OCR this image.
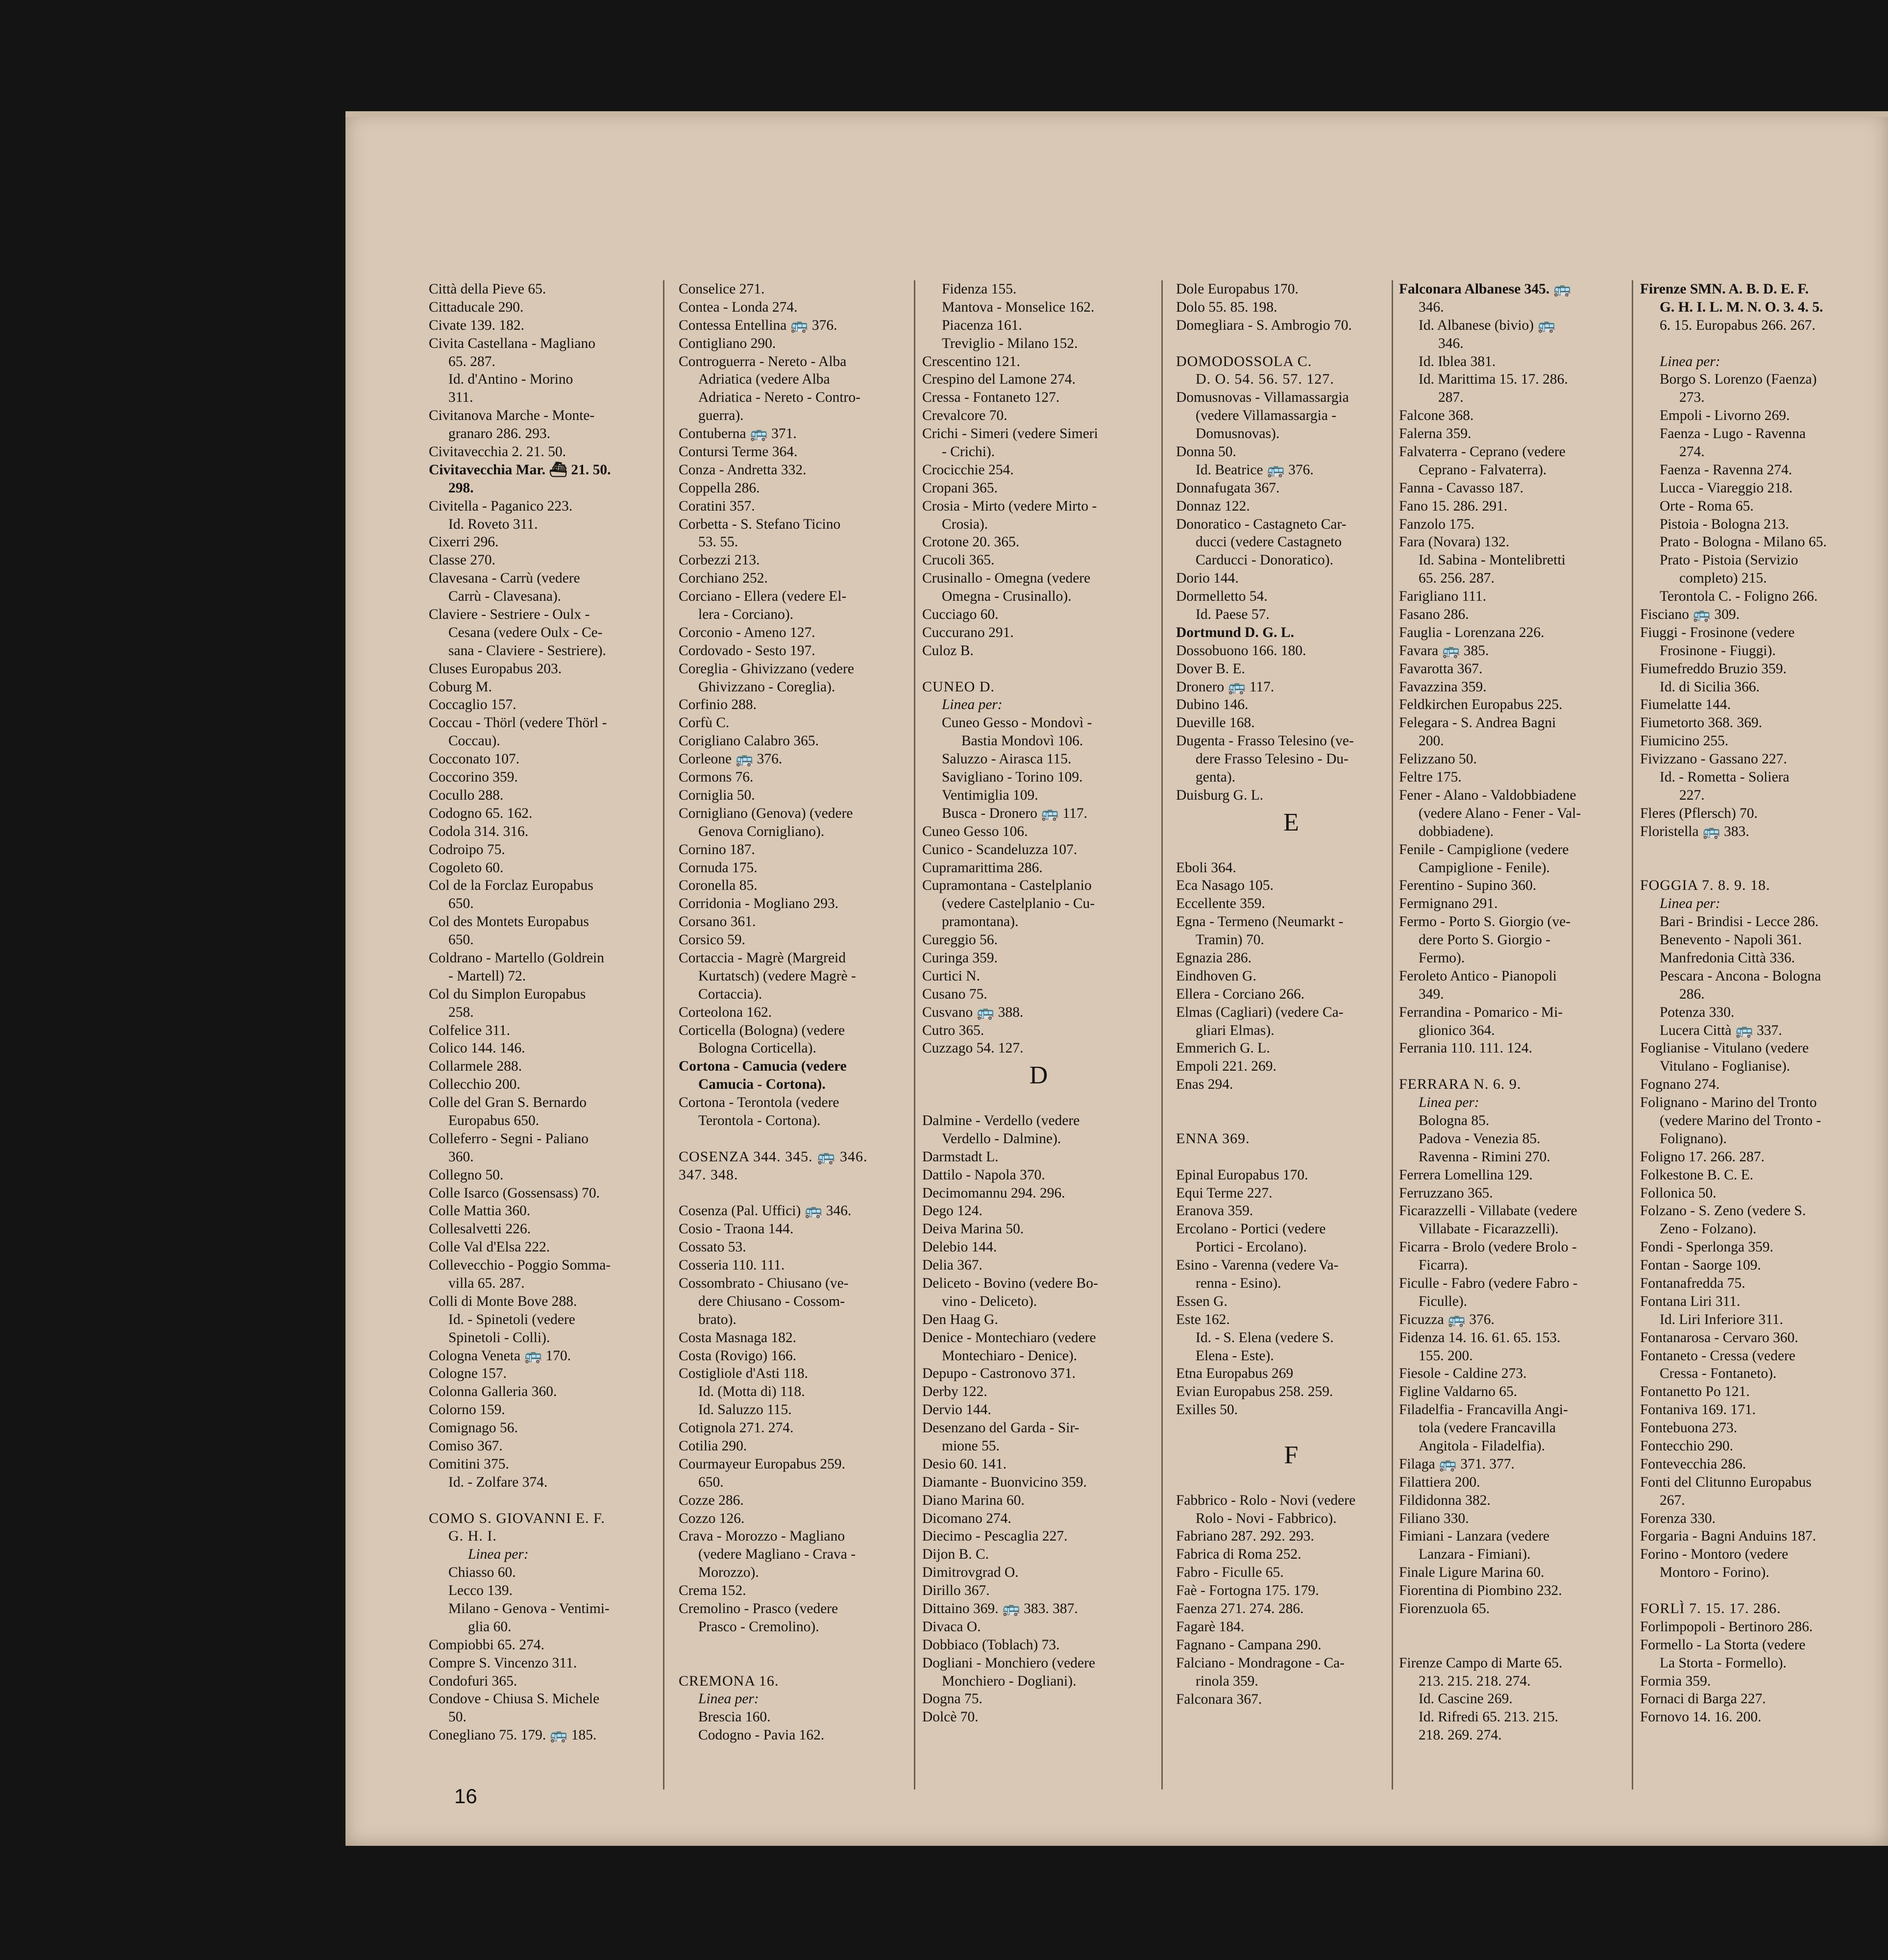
Città della Pieve 65.
Cittaducale 290.
Civate 139. 182.
Civita Castellana - Magliano
65. 287.
Id. d'Antino - Morino
311.
Civitanova Marche - Monte-
granaro 286. 293.
Civitavecchia 2. 21. 50.
Civitavecchia Mar. ⛴ 21. 50.
298.
Civitella - Paganico 223.
Id. Roveto 311.
Cixerri 296.
Classe 270.
Clavesana - Carrù (vedere
Carrù - Clavesana).
Claviere - Sestriere - Oulx -
Cesana (vedere Oulx - Ce-
sana - Claviere - Sestriere).
Cluses Europabus 203.
Coburg M.
Coccaglio 157.
Coccau - Thörl (vedere Thörl -
Coccau).
Cocconato 107.
Coccorino 359.
Cocullo 288.
Codogno 65. 162.
Codola 314. 316.
Codroipo 75.
Cogoleto 60.
Col de la Forclaz Europabus
650.
Col des Montets Europabus
650.
Coldrano - Martello (Goldrein
- Martell) 72.
Col du Simplon Europabus
258.
Colfelice 311.
Colico 144. 146.
Collarmele 288.
Collecchio 200.
Colle del Gran S. Bernardo
Europabus 650.
Colleferro - Segni - Paliano
360.
Collegno 50.
Colle Isarco (Gossensass) 70.
Colle Mattia 360.
Collesalvetti 226.
Colle Val d'Elsa 222.
Collevecchio - Poggio Somma-
villa 65. 287.
Colli di Monte Bove 288.
Id. - Spinetoli (vedere
Spinetoli - Colli).
Cologna Veneta 🚌 170.
Cologne 157.
Colonna Galleria 360.
Colorno 159.
Comignago 56.
Comiso 367.
Comitini 375.
Id. - Zolfare 374.
COMO S. GIOVANNI E. F.
G. H. I.
Linea per:
Chiasso 60.
Lecco 139.
Milano - Genova - Ventimi-
glia 60.
Compiobbi 65. 274.
Compre S. Vincenzo 311.
Condofuri 365.
Condove - Chiusa S. Michele
50.
Conegliano 75. 179. 🚌 185.
Conselice 271.
Contea - Londa 274.
Contessa Entellina 🚌 376.
Contigliano 290.
Controguerra - Nereto - Alba
Adriatica (vedere Alba
Adriatica - Nereto - Contro-
guerra).
Contuberna 🚌 371.
Contursi Terme 364.
Conza - Andretta 332.
Coppella 286.
Coratini 357.
Corbetta - S. Stefano Ticino
53. 55.
Corbezzi 213.
Corchiano 252.
Corciano - Ellera (vedere El-
lera - Corciano).
Corconio - Ameno 127.
Cordovado - Sesto 197.
Coreglia - Ghivizzano (vedere
Ghivizzano - Coreglia).
Corfinio 288.
Corfù C.
Corigliano Calabro 365.
Corleone 🚌 376.
Cormons 76.
Corniglia 50.
Cornigliano (Genova) (vedere
Genova Cornigliano).
Cornino 187.
Cornuda 175.
Coronella 85.
Corridonia - Mogliano 293.
Corsano 361.
Corsico 59.
Cortaccia - Magrè (Margreid
Kurtatsch) (vedere Magrè -
Cortaccia).
Corteolona 162.
Corticella (Bologna) (vedere
Bologna Corticella).
Cortona - Camucia (vedere
Camucia - Cortona).
Cortona - Terontola (vedere
Terontola - Cortona).
COSENZA 344. 345. 🚌 346.
347. 348.
Cosenza (Pal. Uffici) 🚌 346.
Cosio - Traona 144.
Cossato 53.
Cosseria 110. 111.
Cossombrato - Chiusano (ve-
dere Chiusano - Cossom-
brato).
Costa Masnaga 182.
Costa (Rovigo) 166.
Costigliole d'Asti 118.
Id. (Motta di) 118.
Id. Saluzzo 115.
Cotignola 271. 274.
Cotilia 290.
Courmayeur Europabus 259.
650.
Cozze 286.
Cozzo 126.
Crava - Morozzo - Magliano
(vedere Magliano - Crava -
Morozzo).
Crema 152.
Cremolino - Prasco (vedere
Prasco - Cremolino).
CREMONA 16.
Linea per:
Brescia 160.
Codogno - Pavia 162.
Fidenza 155.
Mantova - Monselice 162.
Piacenza 161.
Treviglio - Milano 152.
Crescentino 121.
Crespino del Lamone 274.
Cressa - Fontaneto 127.
Crevalcore 70.
Crichi - Simeri (vedere Simeri
- Crichi).
Crocicchie 254.
Cropani 365.
Crosia - Mirto (vedere Mirto -
Crosia).
Crotone 20. 365.
Crucoli 365.
Crusinallo - Omegna (vedere
Omegna - Crusinallo).
Cucciago 60.
Cuccurano 291.
Culoz B.
CUNEO D.
Linea per:
Cuneo Gesso - Mondovì -
Bastia Mondovì 106.
Saluzzo - Airasca 115.
Savigliano - Torino 109.
Ventimiglia 109.
Busca - Dronero 🚌 117.
Cuneo Gesso 106.
Cunico - Scandeluzza 107.
Cupramarittima 286.
Cupramontana - Castelplanio
(vedere Castelplanio - Cu-
pramontana).
Cureggio 56.
Curinga 359.
Curtici N.
Cusano 75.
Cusvano 🚌 388.
Cutro 365.
Cuzzago 54. 127.
D
Dalmine - Verdello (vedere
Verdello - Dalmine).
Darmstadt L.
Dattilo - Napola 370.
Decimomannu 294. 296.
Dego 124.
Deiva Marina 50.
Delebio 144.
Delia 367.
Deliceto - Bovino (vedere Bo-
vino - Deliceto).
Den Haag G.
Denice - Montechiaro (vedere
Montechiaro - Denice).
Depupo - Castronovo 371.
Derby 122.
Dervio 144.
Desenzano del Garda - Sir-
mione 55.
Desio 60. 141.
Diamante - Buonvicino 359.
Diano Marina 60.
Dicomano 274.
Diecimo - Pescaglia 227.
Dijon B. C.
Dimitrovgrad O.
Dirillo 367.
Dittaino 369. 🚌 383. 387.
Divaca O.
Dobbiaco (Toblach) 73.
Dogliani - Monchiero (vedere
Monchiero - Dogliani).
Dogna 75.
Dolcè 70.
Dole Europabus 170.
Dolo 55. 85. 198.
Domegliara - S. Ambrogio 70.
DOMODOSSOLA C.
D. O. 54. 56. 57. 127.
Domusnovas - Villamassargia
(vedere Villamassargia -
Domusnovas).
Donna 50.
Id. Beatrice 🚌 376.
Donnafugata 367.
Donnaz 122.
Donoratico - Castagneto Car-
ducci (vedere Castagneto
Carducci - Donoratico).
Dorio 144.
Dormelletto 54.
Id. Paese 57.
Dortmund D. G. L.
Dossobuono 166. 180.
Dover B. E.
Dronero 🚌 117.
Dubino 146.
Dueville 168.
Dugenta - Frasso Telesino (ve-
dere Frasso Telesino - Du-
genta).
Duisburg G. L.
E
Eboli 364.
Eca Nasago 105.
Eccellente 359.
Egna - Termeno (Neumarkt -
Tramin) 70.
Egnazia 286.
Eindhoven G.
Ellera - Corciano 266.
Elmas (Cagliari) (vedere Ca-
gliari Elmas).
Emmerich G. L.
Empoli 221. 269.
Enas 294.
ENNA 369.
Epinal Europabus 170.
Equi Terme 227.
Eranova 359.
Ercolano - Portici (vedere
Portici - Ercolano).
Esino - Varenna (vedere Va-
renna - Esino).
Essen G.
Este 162.
Id. - S. Elena (vedere S.
Elena - Este).
Etna Europabus 269
Evian Europabus 258. 259.
Exilles 50.
F
Fabbrico - Rolo - Novi (vedere
Rolo - Novi - Fabbrico).
Fabriano 287. 292. 293.
Fabrica di Roma 252.
Fabro - Ficulle 65.
Faè - Fortogna 175. 179.
Faenza 271. 274. 286.
Fagarè 184.
Fagnano - Campana 290.
Falciano - Mondragone - Ca-
rinola 359.
Falconara 367.
Falconara Albanese 345. 🚌
346.
Id. Albanese (bivio) 🚌
346.
Id. Iblea 381.
Id. Marittima 15. 17. 286.
287.
Falcone 368.
Falerna 359.
Falvaterra - Ceprano (vedere
Ceprano - Falvaterra).
Fanna - Cavasso 187.
Fano 15. 286. 291.
Fanzolo 175.
Fara (Novara) 132.
Id. Sabina - Montelibretti
65. 256. 287.
Farigliano 111.
Fasano 286.
Fauglia - Lorenzana 226.
Favara 🚌 385.
Favarotta 367.
Favazzina 359.
Feldkirchen Europabus 225.
Felegara - S. Andrea Bagni
200.
Felizzano 50.
Feltre 175.
Fener - Alano - Valdobbiadene
(vedere Alano - Fener - Val-
dobbiadene).
Fenile - Campiglione (vedere
Campiglione - Fenile).
Ferentino - Supino 360.
Fermignano 291.
Fermo - Porto S. Giorgio (ve-
dere Porto S. Giorgio -
Fermo).
Feroleto Antico - Pianopoli
349.
Ferrandina - Pomarico - Mi-
glionico 364.
Ferrania 110. 111. 124.
FERRARA N. 6. 9.
Linea per:
Bologna 85.
Padova - Venezia 85.
Ravenna - Rimini 270.
Ferrera Lomellina 129.
Ferruzzano 365.
Ficarazzelli - Villabate (vedere
Villabate - Ficarazzelli).
Ficarra - Brolo (vedere Brolo -
Ficarra).
Ficulle - Fabro (vedere Fabro -
Ficulle).
Ficuzza 🚌 376.
Fidenza 14. 16. 61. 65. 153.
155. 200.
Fiesole - Caldine 273.
Figline Valdarno 65.
Filadelfia - Francavilla Angi-
tola (vedere Francavilla
Angitola - Filadelfia).
Filaga 🚌 371. 377.
Filattiera 200.
Fildidonna 382.
Filiano 330.
Fimiani - Lanzara (vedere
Lanzara - Fimiani).
Finale Ligure Marina 60.
Fiorentina di Piombino 232.
Fiorenzuola 65.
Firenze Campo di Marte 65.
213. 215. 218. 274.
Id. Cascine 269.
Id. Rifredi 65. 213. 215.
218. 269. 274.
Firenze SMN. A. B. D. E. F.
G. H. I. L. M. N. O. 3. 4. 5.
6. 15. Europabus 266. 267.
Linea per:
Borgo S. Lorenzo (Faenza)
273.
Empoli - Livorno 269.
Faenza - Lugo - Ravenna
274.
Faenza - Ravenna 274.
Lucca - Viareggio 218.
Orte - Roma 65.
Pistoia - Bologna 213.
Prato - Bologna - Milano 65.
Prato - Pistoia (Servizio
completo) 215.
Terontola C. - Foligno 266.
Fisciano 🚌 309.
Fiuggi - Frosinone (vedere
Frosinone - Fiuggi).
Fiumefreddo Bruzio 359.
Id. di Sicilia 366.
Fiumelatte 144.
Fiumetorto 368. 369.
Fiumicino 255.
Fivizzano - Gassano 227.
Id. - Rometta - Soliera
227.
Fleres (Pflersch) 70.
Floristella 🚌 383.
FOGGIA 7. 8. 9. 18.
Linea per:
Bari - Brindisi - Lecce 286.
Benevento - Napoli 361.
Manfredonia Città 336.
Pescara - Ancona - Bologna
286.
Potenza 330.
Lucera Città 🚌 337.
Foglianise - Vitulano (vedere
Vitulano - Foglianise).
Fognano 274.
Folignano - Marino del Tronto
(vedere Marino del Tronto -
Folignano).
Foligno 17. 266. 287.
Folkestone B. C. E.
Follonica 50.
Folzano - S. Zeno (vedere S.
Zeno - Folzano).
Fondi - Sperlonga 359.
Fontan - Saorge 109.
Fontanafredda 75.
Fontana Liri 311.
Id. Liri Inferiore 311.
Fontanarosa - Cervaro 360.
Fontaneto - Cressa (vedere
Cressa - Fontaneto).
Fontanetto Po 121.
Fontaniva 169. 171.
Fontebuona 273.
Fontecchio 290.
Fontevecchia 286.
Fonti del Clitunno Europabus
267.
Forenza 330.
Forgaria - Bagni Anduins 187.
Forino - Montoro (vedere
Montoro - Forino).
FORLÌ 7. 15. 17. 286.
Forlimpopoli - Bertinoro 286.
Formello - La Storta (vedere
La Storta - Formello).
Formia 359.
Fornaci di Barga 227.
Fornovo 14. 16. 200.
16
